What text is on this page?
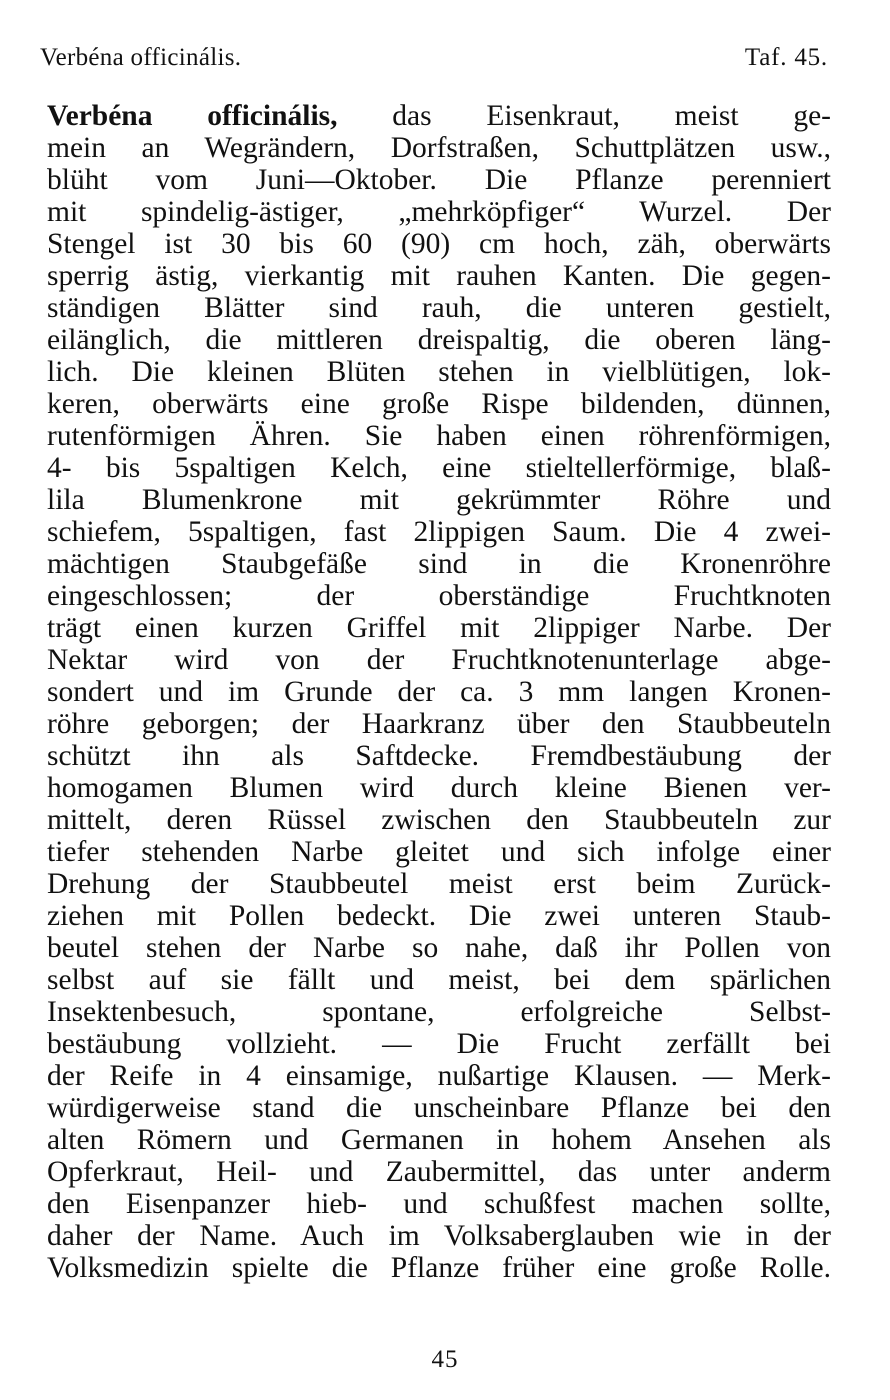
Verbéna officinális.	Taf. 45.
Verbéna officinális, das Eisenkraut, meist ge-
mein an Wegrändern, Dorfstraßen, Schuttplätzen usw.,
blüht vom Juni—Oktober. Die Pflanze perenniert
mit spindelig-ästiger, „mehrköpfiger“ Wurzel. Der
Stengel ist 30 bis 60 (90) cm hoch, zäh, oberwärts
sperrig ästig, vierkantig mit rauhen Kanten. Die gegen-
ständigen Blätter sind rauh, die unteren gestielt,
eilänglich, die mittleren dreispaltig, die oberen läng-
lich. Die kleinen Blüten stehen in vielblütigen, lok-
keren, oberwärts eine große Rispe bildenden, dünnen,
rutenförmigen Ähren. Sie haben einen röhrenförmigen,
4- bis 5spaltigen Kelch, eine stieltellerförmige, blaß-
lila Blumenkrone mit gekrümmter Röhre und
schiefem, 5spaltigen, fast 2lippigen Saum. Die 4 zwei-
mächtigen Staubgefäße sind in die Kronenröhre
eingeschlossen; der oberständige Fruchtknoten
trägt einen kurzen Griffel mit 2lippiger Narbe. Der
Nektar wird von der Fruchtknotenunterlage abge-
sondert und im Grunde der ca. 3 mm langen Kronen-
röhre geborgen; der Haarkranz über den Staubbeuteln
schützt ihn als Saftdecke. Fremdbestäubung der
homogamen Blumen wird durch kleine Bienen ver-
mittelt, deren Rüssel zwischen den Staubbeuteln zur
tiefer stehenden Narbe gleitet und sich infolge einer
Drehung der Staubbeutel meist erst beim Zurück-
ziehen mit Pollen bedeckt. Die zwei unteren Staub-
beutel stehen der Narbe so nahe, daß ihr Pollen von
selbst auf sie fällt und meist, bei dem spärlichen
Insektenbesuch, spontane, erfolgreiche Selbst-
bestäubung vollzieht. — Die Frucht zerfällt bei
der Reife in 4 einsamige, nußartige Klausen. — Merk-
würdigerweise stand die unscheinbare Pflanze bei den
alten Römern und Germanen in hohem Ansehen als
Opferkraut, Heil- und Zaubermittel, das unter anderm
den Eisenpanzer hieb- und schußfest machen sollte,
daher der Name. Auch im Volksaberglauben wie in der
Volksmedizin spielte die Pflanze früher eine große Rolle.
45
